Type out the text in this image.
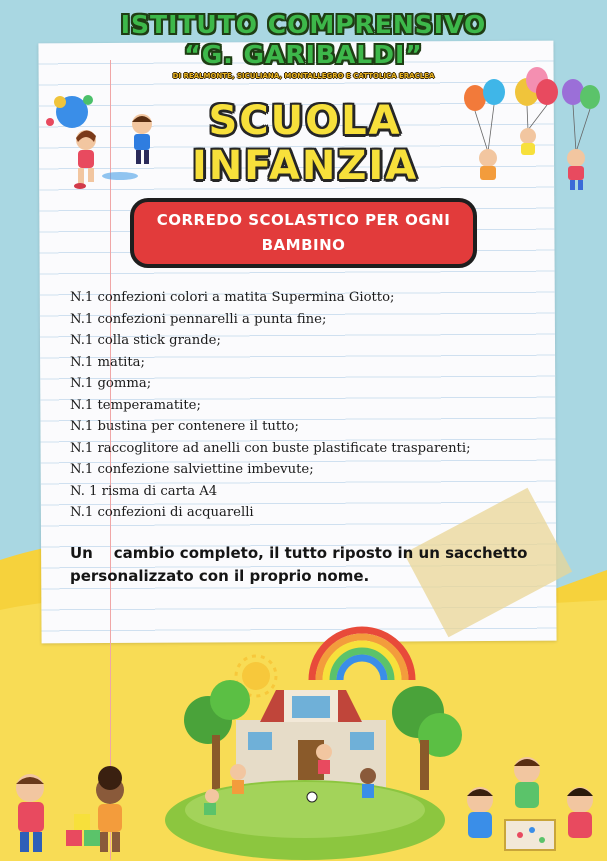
ISTITUTO COMPRENSIVO
“G. GARIBALDI”
DI REALMONTE, SICULIANA, MONTALLEGRO E CATTOLICA ERACLEA
SCUOLA
INFANZIA
CORREDO SCOLASTICO PER OGNI BAMBINO
N.1 confezioni colori a matita Supermina Giotto;
N.1 confezioni pennarelli a punta fine;
N.1 colla stick grande;
N.1 matita;
N.1 gomma;
N.1 temperamatite;
N.1 bustina per contenere il tutto;
N.1 raccoglitore ad anelli con buste plastificate trasparenti;
N.1 confezione salviettine imbevute;
N. 1 risma di carta A4
N.1 confezioni di acquarelli
Un    cambio completo, il tutto riposto in un sacchetto personalizzato con il proprio nome.
